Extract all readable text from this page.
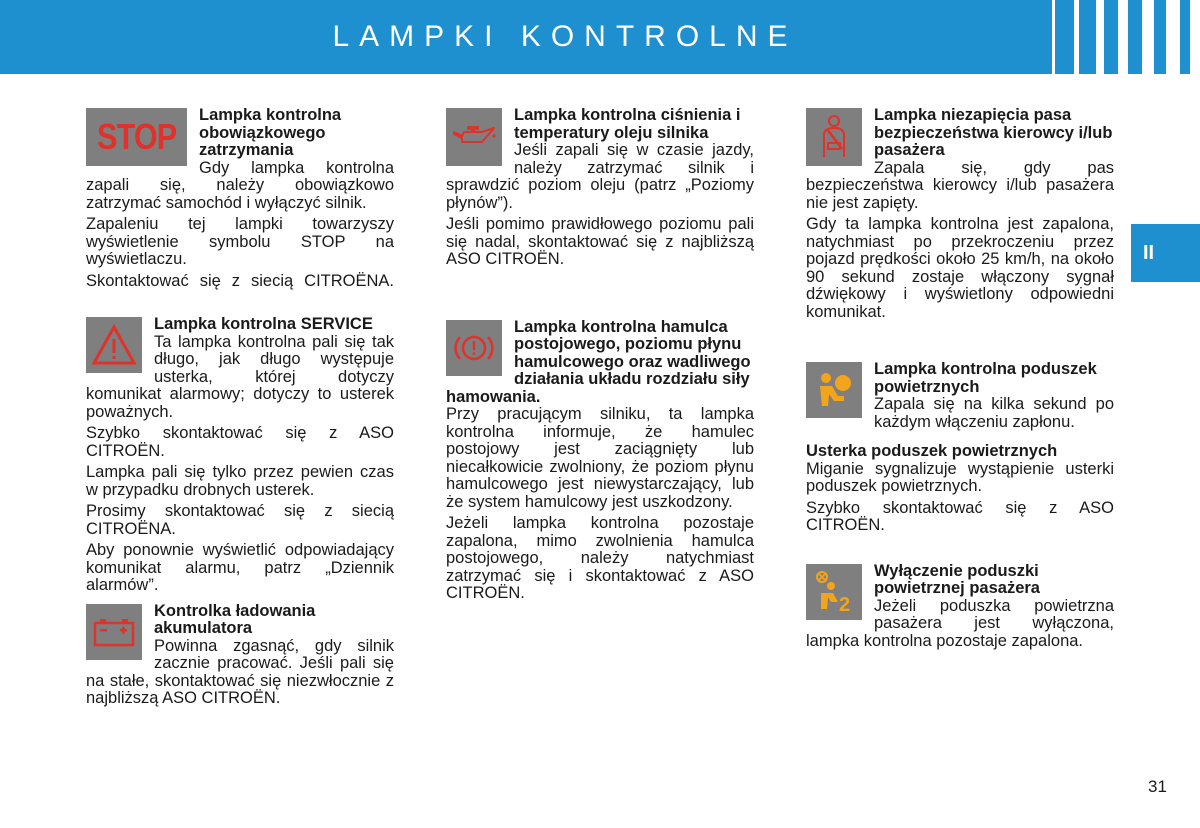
LAMPKI KONTROLNE
II
31
STOP
Lampka kontrolna obowiązkowego zatrzymania

Gdy lampka kontrolna zapali się, należy obowiązkowo zatrzymać samochód i wyłączyć silnik.

Zapaleniu tej lampki towarzyszy wyświetlenie symbolu STOP na wyświetlaczu.

Skontaktować się z siecią CITROËNA.

Lampka kontrolna SERVICE

Ta lampka kontrolna pali się tak długo, jak długo występuje usterka, której dotyczy komunikat alarmowy; dotyczy to usterek poważnych.

Szybko skontaktować się z ASO CITROËN.

Lampka pali się tylko przez pewien czas w przypadku drobnych usterek.

Prosimy skontaktować się z siecią CITROËNA.

Aby ponownie wyświetlić odpowiadający komunikat alarmu, patrz „Dziennik alarmów”.

Kontrolka ładowania akumulatora

Powinna zgasnąć, gdy silnik zacznie pracować. Jeśli pali się na stałe, skontaktować się niezwłocznie z najbliższą ASO CITROËN.

Lampka kontrolna ciśnienia i temperatury oleju silnika

Jeśli zapali się w czasie jazdy, należy zatrzymać silnik i sprawdzić poziom oleju (patrz „Poziomy płynów”).

Jeśli pomimo prawidłowego poziomu pali się nadal, skontaktować się z najbliższą ASO CITROËN.

Lampka kontrolna hamulca postojowego, poziomu płynu hamulcowego oraz wadliwego działania układu rozdziału siły hamowania.

Przy pracującym silniku, ta lampka kontrolna informuje, że hamulec postojowy jest zaciągnięty lub niecałkowicie zwolniony, że poziom płynu hamulcowego jest niewystarczający, lub że system hamulcowy jest uszkodzony.

Jeżeli lampka kontrolna pozostaje zapalona, mimo zwolnienia hamulca postojowego, należy natychmiast zatrzymać się i skontaktować z ASO CITROËN.

Lampka niezapięcia pasa bezpieczeństwa kierowcy i/lub pasażera

Zapala się, gdy pas bezpieczeństwa kierowcy i/lub pasażera nie jest zapięty.

Gdy ta lampka kontrolna jest zapalona, natychmiast po przekroczeniu przez pojazd prędkości około 25 km/h, na około 90 sekund zostaje włączony sygnał dźwiękowy i wyświetlony odpowiedni komunikat.

Lampka kontrolna poduszek powietrznych

Zapala się na kilka sekund po każdym włączeniu zapłonu.

Usterka poduszek powietrznych

Miganie sygnalizuje wystąpienie usterki poduszek powietrznych.

Szybko skontaktować się z ASO CITROËN.

2
Wyłączenie poduszki powietrznej pasażera

Jeżeli poduszka powietrzna pasażera jest wyłączona, lampka kontrolna pozostaje zapalona.
